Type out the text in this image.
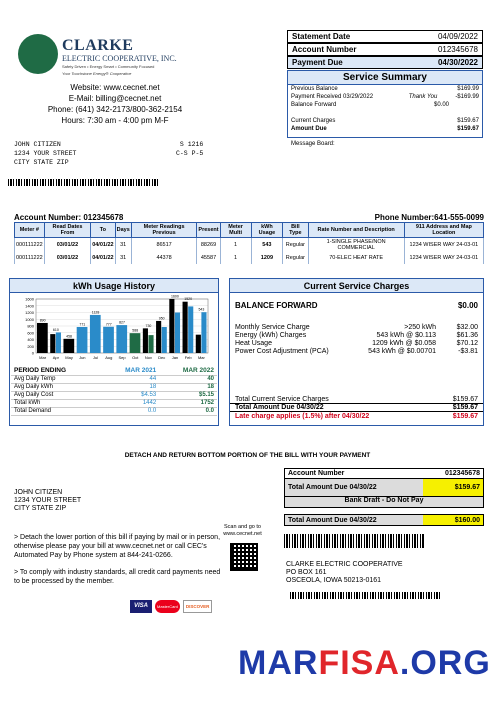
CLARKE
ELECTRIC COOPERATIVE, INC.
Safety Driven • Energy Smart • Community Focused
Your Touchstone Energy® Cooperative
Website: www.cecnet.net
E-Mail: billing@cecnet.net
Phone: (641) 342-2173/800-362-2154
Hours: 7:30 am - 4:00 pm M-F
JOHN CITIZEN
1234 YOUR STREET
CITY STATE ZIP
S 1216
C-S P-5
Statement Date	04/09/2022
Account Number	012345678
Payment Due	04/30/2022
Service Summary
Previous Balance	$169.99
Payment Received 03/29/2022	Thank You	-$169.99
Balance Forward	$0.00
Current Charges	$159.67
Amount Due	$159.67
Message Board:
Account Number: 012345678	Phone Number:641-555-0099
Meter #	Read Dates From	To	Days	Meter Readings Previous	Present	Meter Multi	kWh Usage	Bill Type	Rate Number and Description	911 Address and Map Location
000111222	03/01/22	04/01/22	31	86517	88269	1	543	Regular	1-SINGLE PHASE/NON COMMERCIAL	1234 WISER WAY 24-03-01
000111222	03/01/22	04/01/22	31	44378	45587	1	1209	Regular	70-ELEC HEAT RATE	1234 WISER WAY 24-03-01
kWh Usage History
0
200
400
600
800
1000
1200
1400
1600
890
Mar
610
Apr
458
May
771
Jun
1128
Jul
777
Aug
827
Sep
588
Oct
730
Nov
950
Dec
1600
Jan
1520
Feb
543
Mar
PERIOD ENDING	MAR 2021	MAR 2022
Avg Daily Temp	44	40
Avg Daily kWh	18	18
Avg Daily Cost	$4.53	$5.15
Total kWh	1442	1752
Total Demand	0.0	0.0
Current Service Charges
BALANCE FORWARD	$0.00
Monthly Service Charge	>250 kWh	$32.00
Energy (kWh) Charges	543 kWh @ $0.113	$61.36
Heat Usage	1209 kWh @ $0.058	$70.12
Power Cost Adjustment (PCA)	543 kWh @ $0.00701	-$3.81
Total Current Service Charges	$159.67
Total Amount Due 04/30/22	$159.67
Late charge applies (1.5%) after 04/30/22	$159.67
DETACH AND RETURN BOTTOM PORTION OF THE BILL WITH YOUR PAYMENT
Account Number	012345678
Total Amount Due 04/30/22	$159.67
Bank Draft - Do Not Pay
Total Amount Due 04/30/22	$160.00
JOHN CITIZEN
1234 YOUR STREET
CITY STATE ZIP
> Detach the lower portion of this bill if paying by mail or in person, otherwise please pay your bill at www.cecnet.net or call CEC's Automated Pay by Phone system at 844-241-0266.
> To comply with industry standards, all credit card payments need to be processed by the member.
VISA	MasterCard	DISCOVER
Scan and go to www.cecnet.net
CLARKE ELECTRIC COOPERATIVE
PO BOX 161
OSCEOLA, IOWA 50213-0161
MARFISA.ORG
